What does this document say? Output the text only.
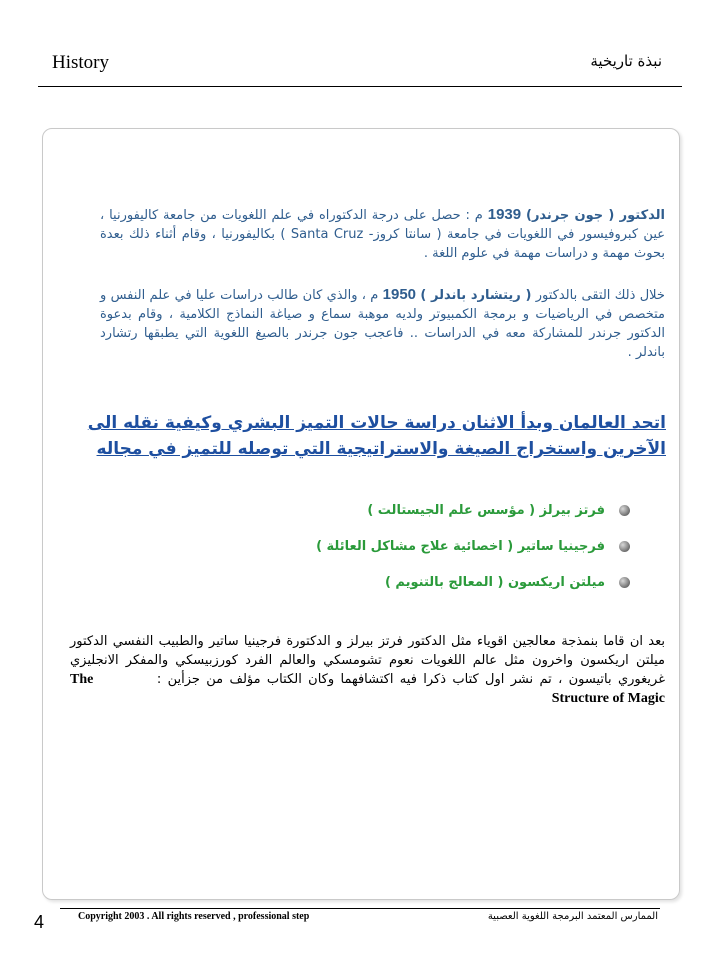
History	نبذة تاريخية

الدكتور ( جون جرندر) 1939 م : حصل على درجة الدكتوراه في علم اللغويات من جامعة كاليفورنيا ، عين كبروفيسور في اللغويات في جامعة ( سانتا كروز- Santa Cruz ) بكاليفورنيا ، وقام أثناء ذلك بعدة بحوث مهمة و دراسات مهمة في علوم اللغة .

خلال ذلك التقى بالدكتور ( ريتشارد باندلر ) 1950 م ، والذي كان طالب دراسات عليا في علم النفس و متخصص في الرياضيات و برمجة الكمبيوتر ولديه موهبة سماع و صياغة النماذج الكلامية ، وقام بدعوة الدكتور جرندر للمشاركة معه في الدراسات .. فاعجب جون جرندر بالصيغ اللغوية التي يطبقها رتشارد باندلر .

اتحد العالمان وبدأ الاثنان دراسة حالات التميز البشري وكيفية نقله الى الآخرين واستخراج الصيغة والاستراتيجية التي توصله للتميز في مجاله

فرتز بيرلز ( مؤسس علم الجيستالت )
فرجينيا ساتير ( اخصائية علاج مشاكل العائلة )
ميلتن اريكسون ( المعالج بالتنويم )

بعد ان قاما بنمذجة معالجين اقوياء مثل الدكتور فرتز بيرلز و الدكتورة فرجينيا ساتير والطبيب النفسي الدكتور ميلتن اريكسون واخرون مثل عالم اللغويات نعوم تشومسكي والعالم الفرد كورزبيسكي والمفكر الانجليزي غريغوري باتيسون ، تم نشر اول كتاب ذكرا فيه اكتشافهما وكان الكتاب مؤلف من جزأين :          The Structure of Magic

4	Copyright 2003 . All rights reserved , professional step	الممارس المعتمد البرمجة اللغوية العصبية
